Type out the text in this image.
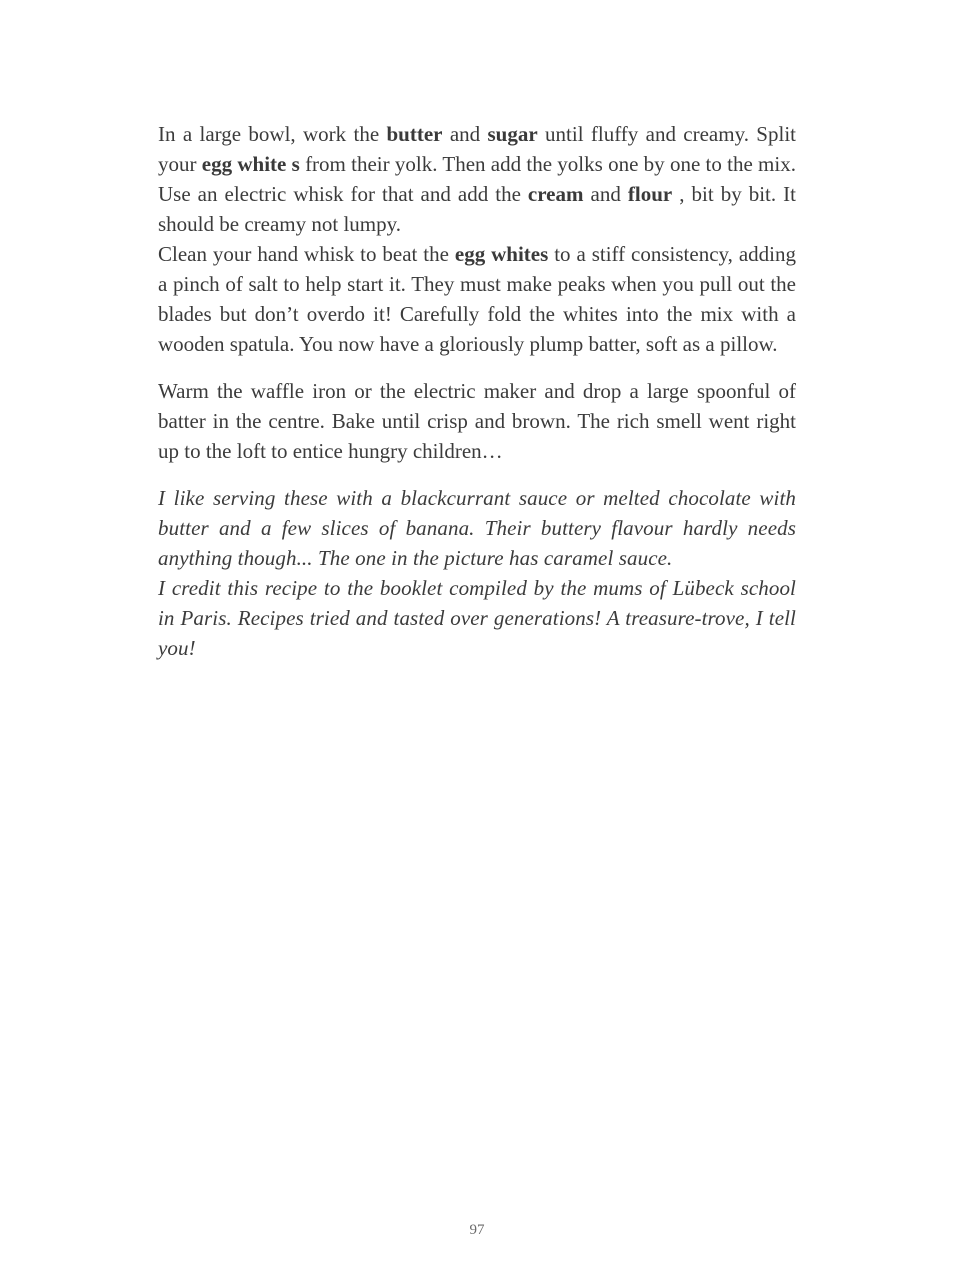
In a large bowl, work the butter and sugar until fluffy and creamy. Split your egg white s from their yolk. Then add the yolks one by one to the mix. Use an electric whisk for that and add the cream and flour , bit by bit. It should be creamy not lumpy.

Clean your hand whisk to beat the egg whites to a stiff consistency, adding a pinch of salt to help start it. They must make peaks when you pull out the blades but don’t overdo it! Carefully fold the whites into the mix with a wooden spatula. You now have a gloriously plump batter, soft as a pillow.

Warm the waffle iron or the electric maker and drop a large spoonful of batter in the centre. Bake until crisp and brown. The rich smell went right up to the loft to entice hungry children…

I like serving these with a blackcurrant sauce or melted chocolate with butter and a few slices of banana. Their buttery flavour hardly needs anything though... The one in the picture has caramel sauce.

I credit this recipe to the booklet compiled by the mums of Lübeck school in Paris. Recipes tried and tasted over generations! A treasure-trove, I tell you!

97
